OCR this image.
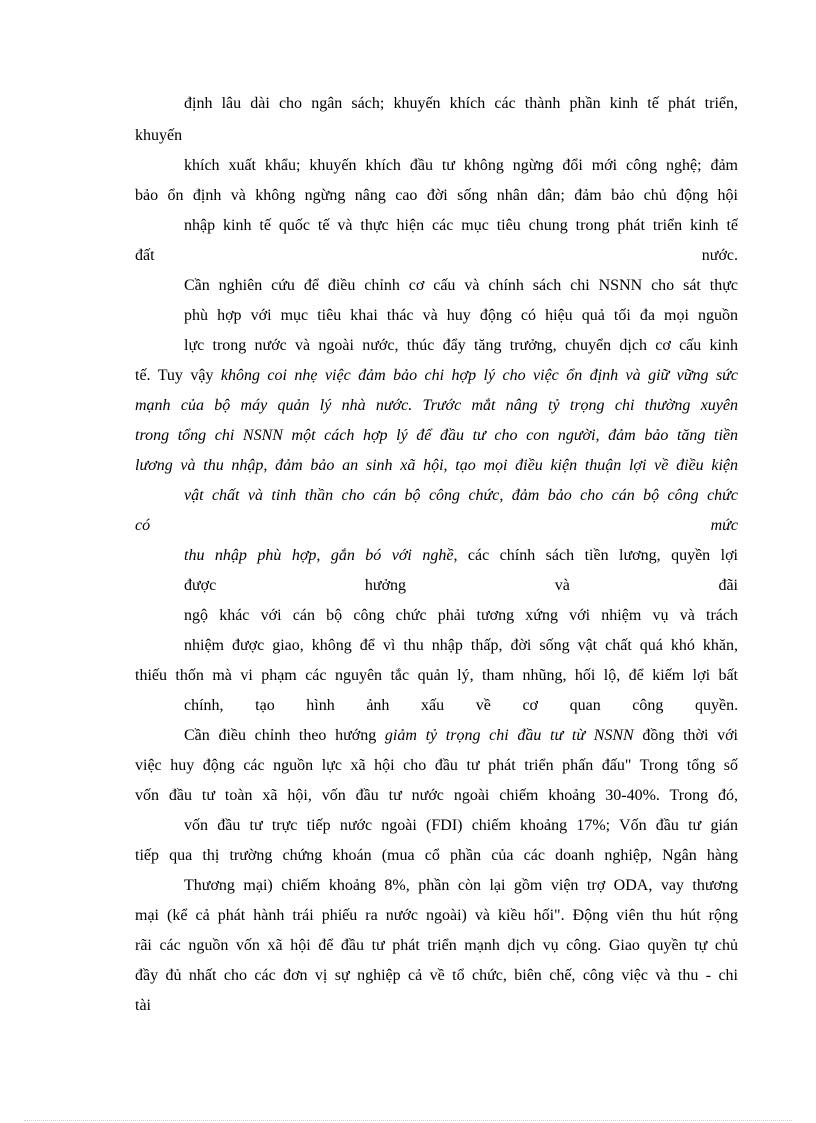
định lâu dài cho ngân sách; khuyến khích các thành phần kinh tế phát triển,
khuyến
khích xuất khẩu; khuyến khích đầu tư không ngừng đổi mới công nghệ; đảm
bảo ổn định và không ngừng nâng cao đời sống nhân dân; đảm bảo chủ động hội
nhập kinh tế quốc tế và thực hiện các mục tiêu chung trong phát triển kinh tế
đất	nước.
Cần nghiên cứu để điều chỉnh cơ cấu và chính sách chi NSNN cho sát thực
phù hợp với mục tiêu khai thác và huy động có hiệu quả tối đa mọi nguồn
lực trong nước và ngoài nước, thúc đẩy tăng trưởng, chuyển dịch cơ cấu kinh
tế. Tuy vậy không coi nhẹ việc đảm bảo chi hợp lý cho việc ổn định và giữ vững sức
mạnh của bộ máy quản lý nhà nước. Trước mắt nâng tỷ trọng chi thường xuyên
trong tổng chi NSNN một cách hợp lý để đầu tư cho con người, đảm bảo tăng tiền
lương và thu nhập, đảm bảo an sinh xã hội, tạo mọi điều kiện thuận lợi về điều kiện
vật chất và tinh thần cho cán bộ công chức, đảm bảo cho cán bộ công chức
có	mức
thu nhập phù hợp, gắn bó với nghề, các chính sách tiền lương, quyền lợi
được	hưởng	và	đãi
ngộ khác với cán bộ công chức phải tương xứng với nhiệm vụ và trách
nhiệm được giao, không để vì thu nhập thấp, đời sống vật chất quá khó khăn,
thiếu thốn mà vi phạm các nguyên tắc quản lý, tham nhũng, hối lộ, để kiếm lợi bất
chính, tạo hình ảnh xấu về cơ quan công quyền.
Cần điều chỉnh theo hướng giảm tỷ trọng chi đầu tư từ NSNN đồng thời với
việc huy động các nguồn lực xã hội cho đầu tư phát triển phấn đấu" Trong tổng số
vốn đầu tư toàn xã hội, vốn đầu tư nước ngoài chiếm khoảng 30-40%. Trong đó,
vốn đầu tư trực tiếp nước ngoài (FDI) chiếm khoảng 17%; Vốn đầu tư gián
tiếp qua thị trường chứng khoán (mua cổ phần của các doanh nghiệp, Ngân hàng
Thương mại) chiếm khoảng 8%, phần còn lại gồm viện trợ ODA, vay thương
mại (kể cả phát hành trái phiếu ra nước ngoài) và kiều hối". Động viên thu hút rộng
rãi các nguồn vốn xã hội để đầu tư phát triển mạnh dịch vụ công. Giao quyền tự chủ
đầy đủ nhất cho các đơn vị sự nghiệp cả về tổ chức, biên chế, công việc và thu - chi
tài
